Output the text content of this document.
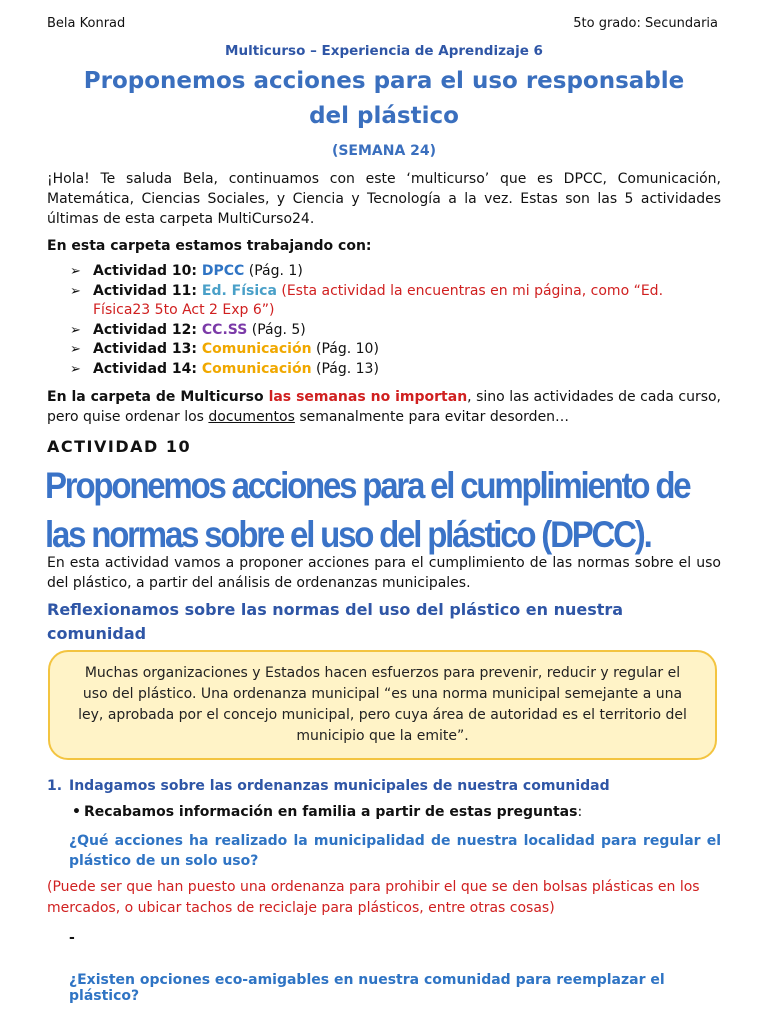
Bela Konrad	5to grado: Secundaria
Multicurso – Experiencia de Aprendizaje 6
Proponemos acciones para el uso responsable del plástico
(SEMANA 24)
¡Hola! Te saluda Bela, continuamos con este ‘multicurso’ que es DPCC, Comunicación, Matemática, Ciencias Sociales, y Ciencia y Tecnología a la vez. Estas son las 5 actividades últimas de esta carpeta MultiCurso24.
En esta carpeta estamos trabajando con:
➢ Actividad 10: DPCC (Pág. 1)
➢ Actividad 11: Ed. Física (Esta actividad la encuentras en mi página, como “Ed. Física23 5to Act 2 Exp 6”)
➢ Actividad 12: CC.SS (Pág. 5)
➢ Actividad 13: Comunicación (Pág. 10)
➢ Actividad 14: Comunicación (Pág. 13)
En la carpeta de Multicurso las semanas no importan, sino las actividades de cada curso, pero quise ordenar los documentos semanalmente para evitar desorden…
ACTIVIDAD 10
Proponemos acciones para el cumplimiento de las normas sobre el uso del plástico (DPCC).
En esta actividad vamos a proponer acciones para el cumplimiento de las normas sobre el uso del plástico, a partir del análisis de ordenanzas municipales.
Reflexionamos sobre las normas del uso del plástico en nuestra comunidad
Muchas organizaciones y Estados hacen esfuerzos para prevenir, reducir y regular el uso del plástico. Una ordenanza municipal “es una norma municipal semejante a una ley, aprobada por el concejo municipal, pero cuya área de autoridad es el territorio del municipio que la emite”.
1. Indagamos sobre las ordenanzas municipales de nuestra comunidad
• Recabamos información en familia a partir de estas preguntas:
¿Qué acciones ha realizado la municipalidad de nuestra localidad para regular el plástico de un solo uso?
(Puede ser que han puesto una ordenanza para prohibir el que se den bolsas plásticas en los mercados, o ubicar tachos de reciclaje para plásticos, entre otras cosas)
-
¿Existen opciones eco-amigables en nuestra comunidad para reemplazar el plástico?
